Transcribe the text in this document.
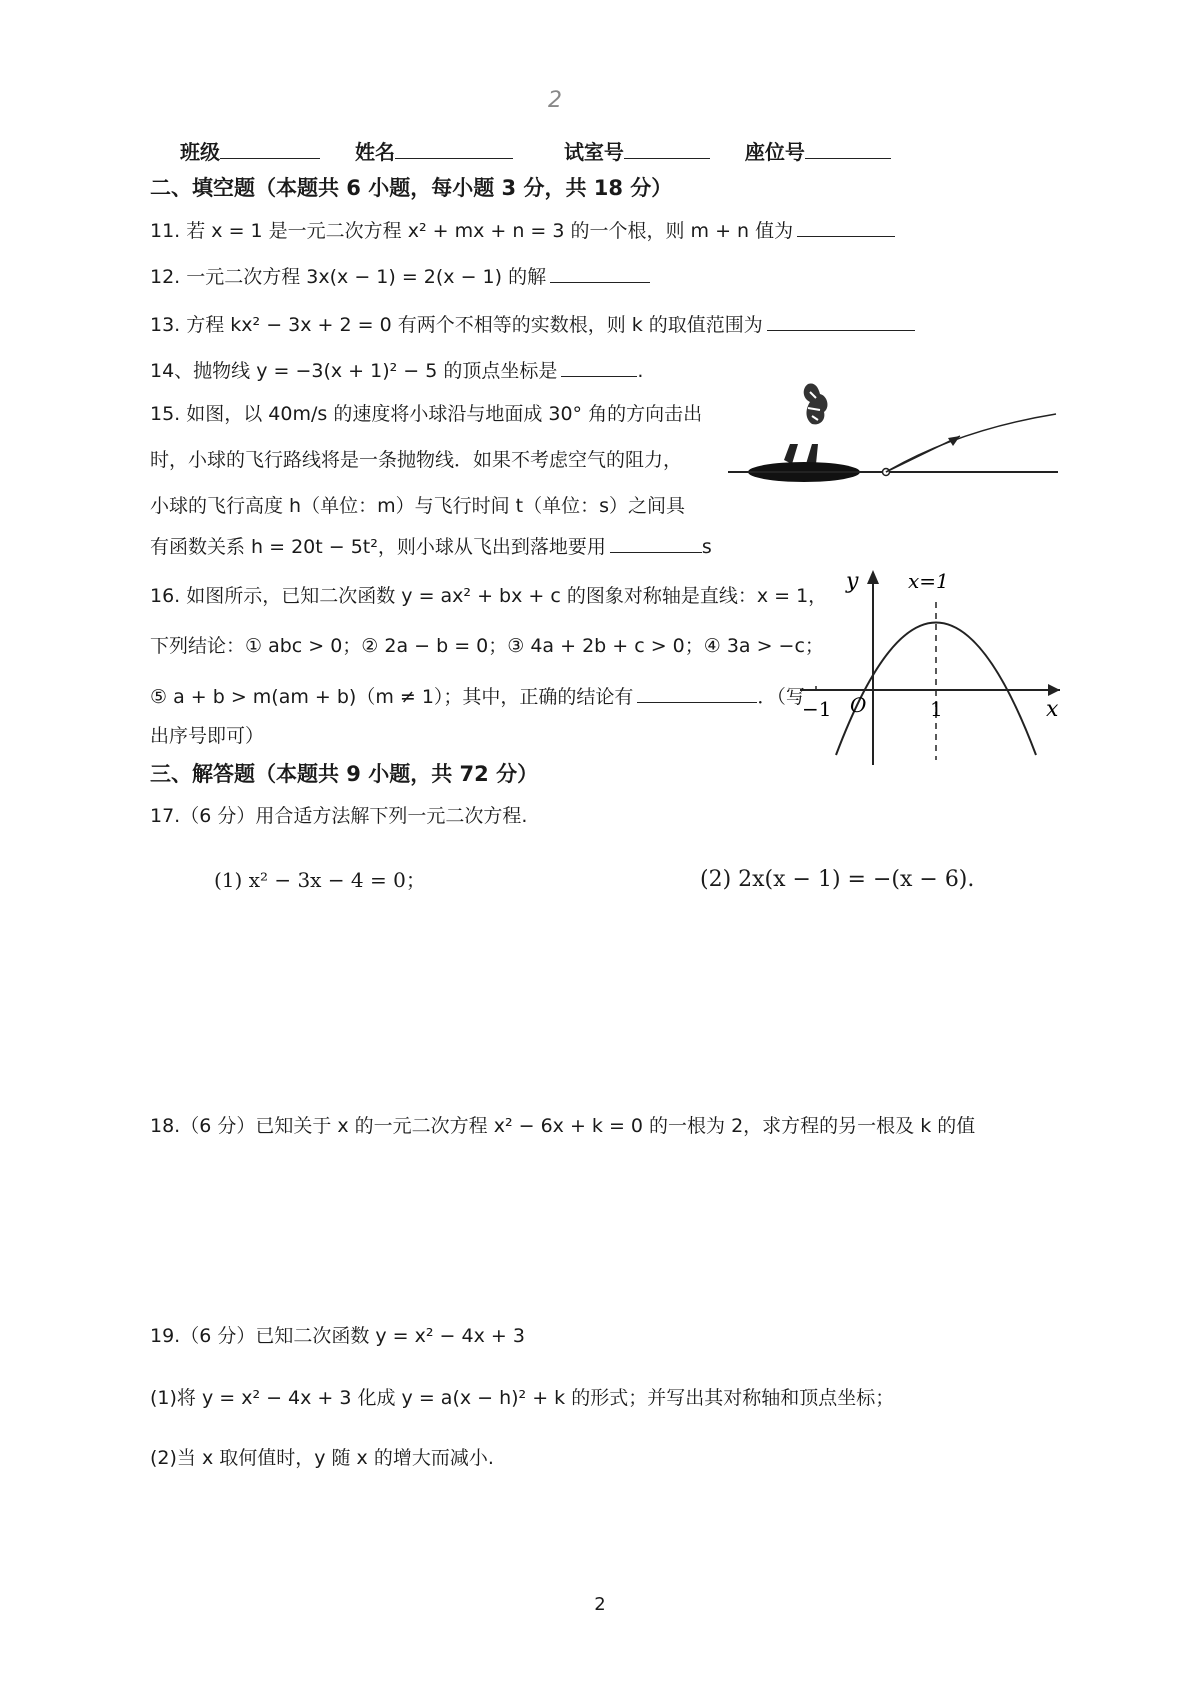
2
班级	姓名	试室号	座位号
二、填空题（本题共 6 小题，每小题 3 分，共 18 分）
11. 若 x = 1 是一元二次方程 x² + mx + n = 3 的一个根，则 m + n 值为
12. 一元二次方程 3x(x − 1) = 2(x − 1) 的解
13. 方程 kx² − 3x + 2 = 0 有两个不相等的实数根，则 k 的取值范围为
14、抛物线 y = −3(x + 1)² − 5 的顶点坐标是	.
15. 如图，以 40m/s 的速度将小球沿与地面成 30° 角的方向击出
时，小球的飞行路线将是一条抛物线．如果不考虑空气的阻力，
小球的飞行高度 h（单位：m）与飞行时间 t（单位：s）之间具
有函数关系 h = 20t − 5t²，则小球从飞出到落地要用	s
16. 如图所示，已知二次函数 y = ax² + bx + c 的图象对称轴是直线：x = 1，
下列结论：① abc > 0；② 2a − b = 0；③ 4a + 2b + c > 0；④ 3a > −c；
⑤ a + b > m(am + b)（m ≠ 1）；其中，正确的结论有	．（写
出序号即可）
y x=1
x
−1 O	1
三、解答题（本题共 9 小题，共 72 分）
17.（6 分）用合适方法解下列一元二次方程.
(1) x² − 3x − 4 = 0；	(2) 2x(x − 1) = −(x − 6).
18.（6 分）已知关于 x 的一元二次方程 x² − 6x + k = 0 的一根为 2，求方程的另一根及 k 的值
19.（6 分）已知二次函数 y = x² − 4x + 3
(1)将 y = x² − 4x + 3 化成 y = a(x − h)² + k 的形式；并写出其对称轴和顶点坐标；
(2)当 x 取何值时，y 随 x 的增大而减小.
2
